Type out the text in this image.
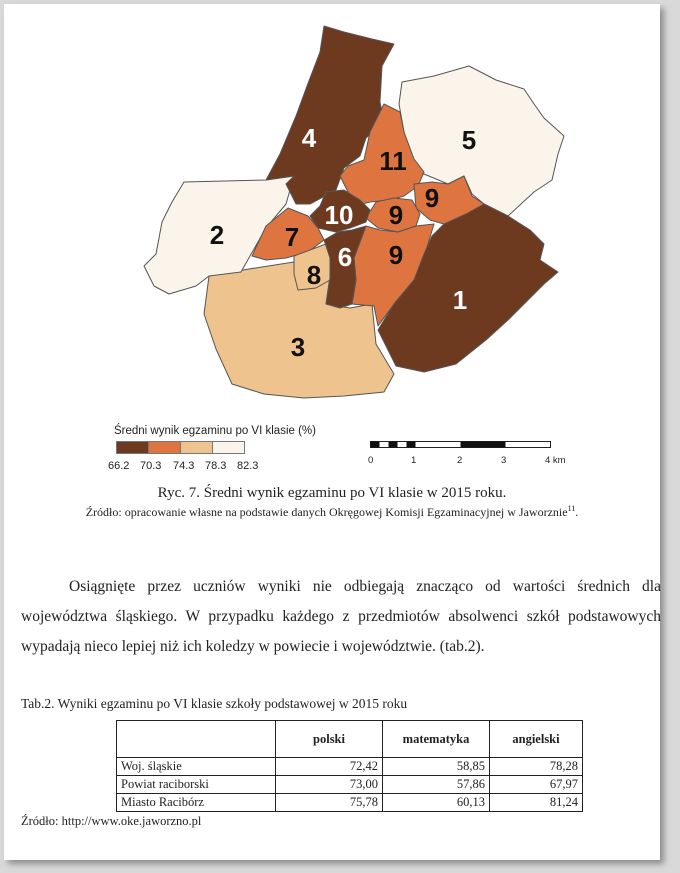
1
2
3
4	5
6
7
8
9
9
9
10
11
Średni wynik egzaminu po VI klasie (%)
66.2 70.3 74.3 78.3 82.3	0	1	2	3	4 km
Ryc. 7. Średni wynik egzaminu po VI klasie w 2015 roku.
Źródło: opracowanie własne na podstawie danych Okręgowej Komisji Egzaminacyjnej w Jaworznie$^{11}$.
Osiągnięte przez uczniów wyniki nie odbiegają znacząco od wartości średnich dla województwa śląskiego. W przypadku każdego z przedmiotów absolwenci szkół podstawowych wypadają nieco lepiej niż ich koledzy w powiecie i województwie. (tab.2).
Tab.2. Wyniki egzaminu po VI klasie szkoły podstawowej w 2015 roku
	polski	matematyka	angielski
Woj. śląskie	72,42	58,85	78,28
Powiat raciborski	73,00	57,86	67,97
Miasto Racibórz	75,78	60,13	81,24
Źródło: http://www.oke.jaworzno.pl
